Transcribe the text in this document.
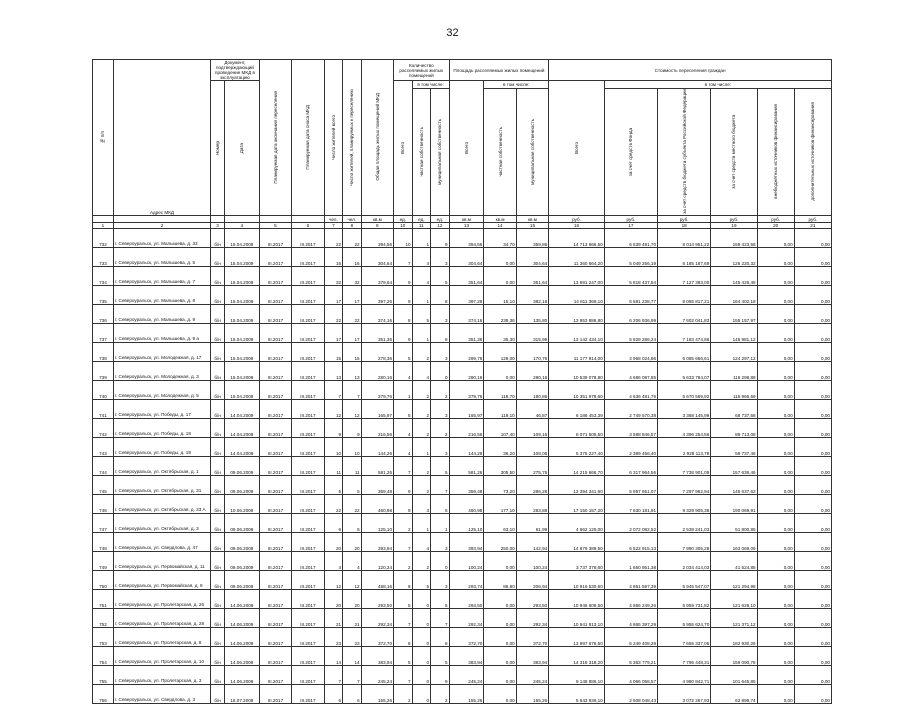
32
№ п/п	Адрес МКД	Документ, подтверждающий проведение МКД в эксплуатацию		Планируемая дата окончания переселения	Планируемая дата сноса МКД	Число жителей всего	Число жителей, планируемых к переселению	Общая площадь жилых помещений МКД	Количество расселяемых жилых помещений			Площадь расселяемых жилых помещений			Стоимость переселения граждан					
		Номер	Дата						Всего	в том числе:		Всего	в том числе:		Всего	в том числе:				
										частная собственность	муниципальная собственность		частная собственность	муниципальная собственность		за счет средств Фонда	за счет средств бюджета субъекта Российской Федерации	за счет средств местного бюджета	внебюджетных источников финансирования	дополнительных источников финансирования
						чел.	чел.	кв.м	ед.	ед.	ед.	кв.м	кв.м	кв.м	руб.	руб.	руб.	руб.	руб.	руб.
1	2	3	4	5	6	7	8	9	10	11	12	13	14	15	16	17	18	19	20	21
732	г. Североуральск, ул. Малышева, д. 33	б/н	15.04.2009	III.2017	III.2017	22	22	394,56	10	1	9	394,56	34,70	359,86	14 713 666,50	6 539 491,70	8 014 951,22	159 423,58	0,00	0,00
733	г. Североуральск, ул. Малышева, д. 5	б/н	15.04.2009	III.2017	III.2017	16	16	304,64	7	4	3	304,64	0,00	304,64	11 360 664,20	5 049 256,19	6 185 187,69	126 220,32	0,00	0,00
734	г. Североуральск, ул. Малышева, д. 7	б/н	15.04.2009	III.2017	III.2017	32	32	379,64	9	4	5	351,64	0,00	351,64	13 691 247,00	5 818 437,54	7 127 383,00	145 426,48	0,00	0,00
735	г. Североуральск, ул. Малышева, д. 8	б/н	15.04.2009	III.2017	III.2017	17	17	397,26	9	1	8	397,26	15,10	382,16	14 811 368,10	6 581 238,77	8 065 817,21	164 402,18	0,00	0,00
736	г. Североуральск, ул. Малышева, д. 9	б/н	15.04.2009	III.2017	III.2017	22	22	374,16	8	5	3	374,16	238,36	135,80	13 953 886,80	6 206 936,99	7 602 041,83	155 157,97	0,00	0,00
737	г. Североуральск, ул. Малышева, д. 9 а	б/н	15.04.2009	III.2017	III.2017	17	17	351,36	9	1	8	351,36	35,30	315,96	13 142 434,10	5 829 286,24	7 183 474,86	145 981,12	0,00	0,00
738	г. Североуральск, ул. Молодежная, д. 17	б/н	15.04.2009	III.2017	III.2017	15	15	278,36	5	2	3	299,76	129,00	170,76	11 177 914,00	4 968 024,86	6 085 666,61	124 297,12	0,00	0,00
739	г. Североуральск, ул. Молодежная, д. 3	б/н	15.04.2009	III.2017	III.2017	13	13	280,16	4	4	0	280,16	0,00	280,16	10 539 078,80	4 686 087,85	5 633 784,07	116 298,88	0,00	0,00
740	г. Североуральск, ул. Молодежная, д. 5	б/н	15.04.2009	III.2017	III.2017	7	7	379,76	1	2	2	379,76	118,70	180,86	10 351 978,60	4 636 481,76	5 670 569,92	115 966,59	0,00	0,00
741	г. Североуральск, ул. Победы, д. 17	б/н	14.04.2009	III.2017	III.2017	12	12	165,97	5	2	3	165,97	119,10	46,87	6 186 453,39	2 749 570,38	3 368 145,99	68 737,56	0,00	0,00
742	г. Североуральск, ул. Победы, д. 18	б/н	14.04.2009	III.2017	III.2017	9	9	216,56	4	2	2	216,56	107,40	109,16	8 071 505,50	3 588 846,57	4 396 254,56	89 713,08	0,00	0,00
743	г. Североуральск, ул. Победы, д. 19	б/н	14.04.2009	III.2017	III.2017	10	10	144,26	4	1	3	144,26	36,20	108,06	5 375 227,40	2 389 456,40	2 928 113,78	59 737,46	0,00	0,00
744	г. Североуральск, ул. Октябрьская, д. 1	б/н	09.06.2009	III.2017	III.2017	11	11	581,26	7	2	5	581,26	305,50	275,76	14 215 666,70	6 317 964,56	7 738 901,09	157 636,46	0,00	0,00
745	г. Североуральск, ул. Октябрьская, д. 31	б/н	09.06.2009	III.2017	III.2017	5	5	359,48	9	2	7	359,48	73,20	286,28	13 394 341,60	5 957 651,07	7 297 962,94	146 637,62	0,00	0,00
746	г. Североуральск, ул. Октябрьская, д. 33 А	б/н	10.06.2009	III.2017	III.2017	22	22	460,98	9	3	6	460,98	177,10	283,88	17 150 157,20	7 630 181,91	9 329 905,38	190 069,91	0,00	0,00
747	г. Североуральск, ул. Октябрьская, д. 3	б/н	09.06.2009	III.2017	III.2017	6	6	125,10	2	1	1	125,10	63,10	61,99	4 662 125,00	2 072 082,52	2 538 241,03	51 800,85	0,00	0,00
748	г. Североуральск, ул. Свердлова, д. 47	б/н	09.06.2009	III.2017	III.2017	20	20	393,94	7	4	3	393,94	250,00	142,94	14 676 389,50	6 522 915,13	7 990 305,28	163 069,09	0,00	0,00
749	г. Североуральск, ул. Первомайская, д. 11	б/н	09.06.2009	III.2017	III.2017	4	4	120,24	2	2	0	100,24	0,00	100,24	3 737 378,60	1 660 951,38	2 034 414,03	41 524,85	0,00	0,00
750	г. Североуральск, ул. Первомайская, д. 9	б/н	09.06.2009	III.2017	III.2017	12	12	488,16	8	5	3	293,74	86,80	206,94	10 916 530,60	4 851 597,39	5 945 547,07	121 294,98	0,00	0,00
751	г. Североуральск, ул. Пролетарская, д. 26	б/н	14.06.2009	III.2017	III.2017	20	20	293,50	5	0	5	293,50	0,00	293,50	10 946 608,50	4 866 249,26	5 959 731,82	121 628,10	0,00	0,00
752	г. Североуральск, ул. Пролетарская, д. 28	б/н	14.06.2009	III.2017	III.2017	21	21	292,34	7	0	7	292,34	0,00	292,34	10 941 813,10	4 865 397,29	5 955 624,70	121 371,12	0,00	0,00
753	г. Североуральск, ул. Пролетарская, д. 8	б/н	14.06.2009	III.2017	III.2017	23	23	372,70	8	0	8	372,70	0,00	372,70	13 897 676,50	6 249 408,28	7 655 337,06	182 930,26	0,00	0,00
754	г. Североуральск, ул. Пролетарская, д. 10	б/н	14.06.2009	III.2017	III.2017	14	14	383,94	5	0	5	383,94	0,00	383,94	14 318 318,20	6 363 779,21	7 795 448,31	159 090,78	0,00	0,00
755	г. Североуральск, ул. Пролетарская, д. 3	б/н	14.06.2009	III.2017	III.2017	7	7	245,24	7	0	9	245,24	0,00	245,24	9 148 886,10	4 066 058,57	4 980 842,71	101 645,85	0,00	0,00
756	г. Североуральск, ул. Свердлова, д. 3	б/н	16.07.2009	III.2017	III.2017	6	6	155,26	2	0	2	155,26	0,00	155,26	5 643 936,10	2 508 048,43	3 072 267,93	62 899,74	0,00	0,00
